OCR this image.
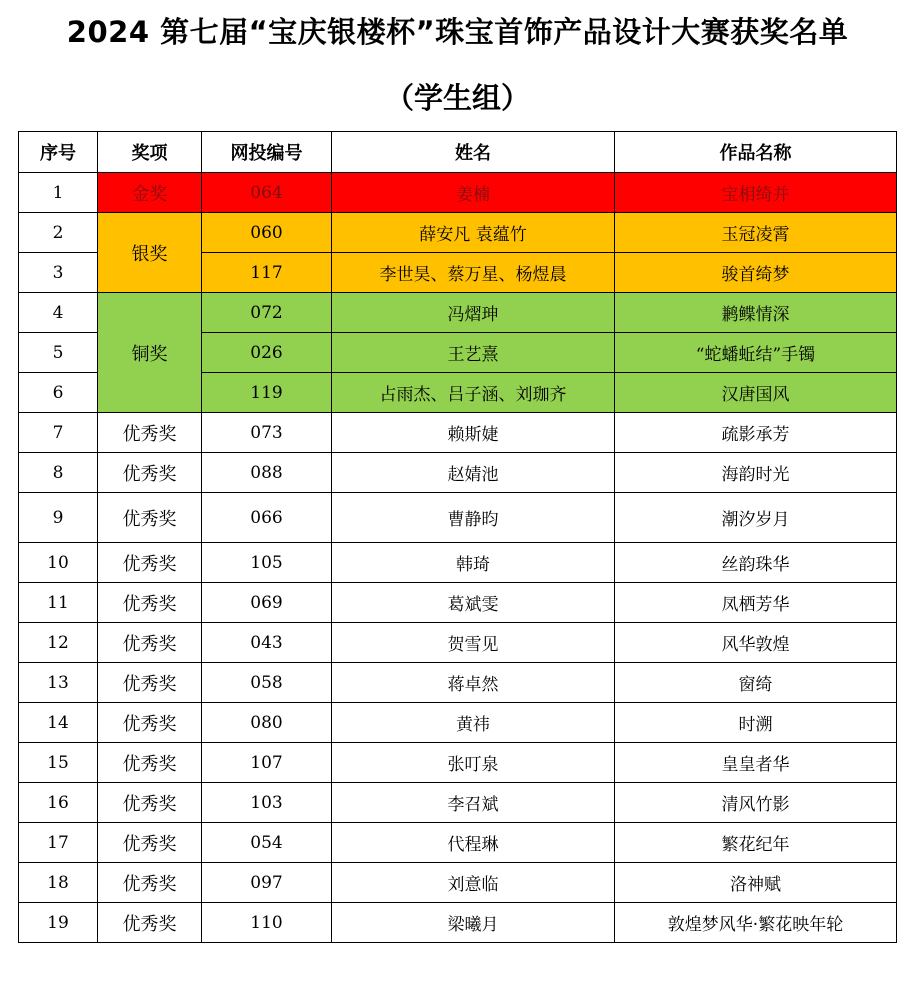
2024 第七届“宝庆银楼杯”珠宝首饰产品设计大赛获奖名单
（学生组）
序号	奖项	网投编号	姓名	作品名称
1	金奖	064	姜楠	宝相绮并
2	银奖	060	薛安凡 袁蕴竹	玉冠凌霄
3		117	李世昊、蔡万星、杨煜晨	骏首绮梦
4	铜奖	072	冯熠珅	鹣鲽情深
5		026	王艺熹	“蛇蟠蚯结”手镯
6		119	占雨杰、吕子涵、刘珈齐	汉唐国风
7	优秀奖	073	赖斯婕	疏影承芳
8	优秀奖	088	赵婧池	海韵时光
9	优秀奖	066	曹静昀	潮汐岁月
10	优秀奖	105	韩琦	丝韵珠华
11	优秀奖	069	葛斌雯	凤栖芳华
12	优秀奖	043	贺雪见	风华敦煌
13	优秀奖	058	蒋卓然	窗绮
14	优秀奖	080	黄祎	时溯
15	优秀奖	107	张叮泉	皇皇者华
16	优秀奖	103	李召斌	清风竹影
17	优秀奖	054	代程琳	繁花纪年
18	优秀奖	097	刘意临	洛神赋
19	优秀奖	110	梁曦月	敦煌梦风华·繁花映年轮
